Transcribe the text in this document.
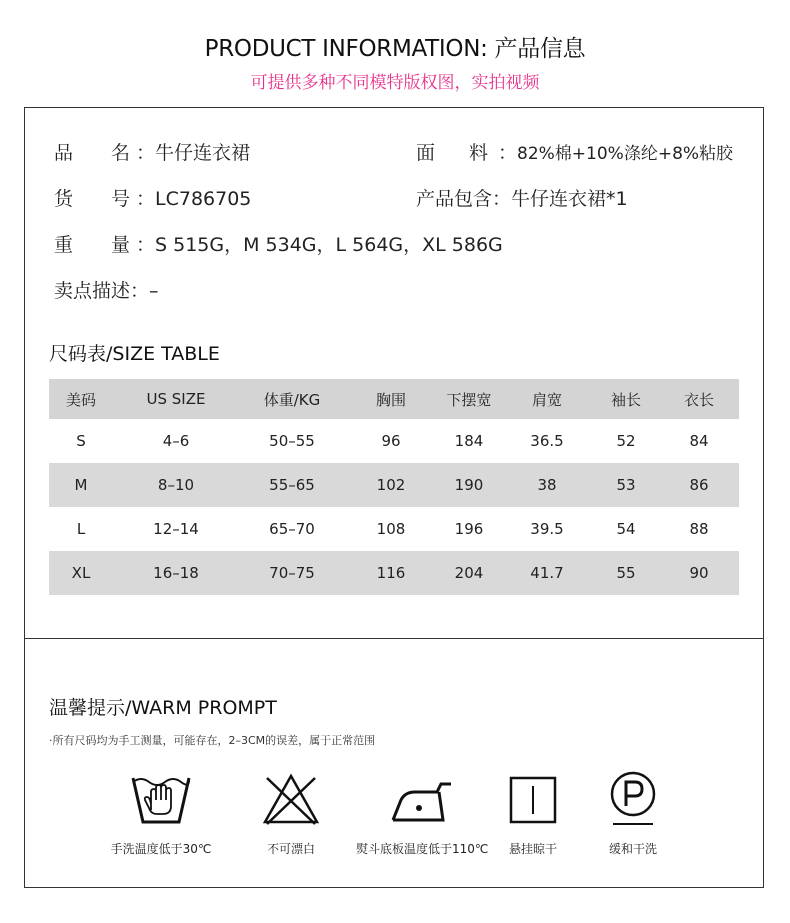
PRODUCT INFORMATION: 产品信息
可提供多种不同模特版权图，实拍视频
品 名 ：牛仔连衣裙	面 料 ：82%棉+10%涤纶+8%粘胶
货 号 ：LC786705	产品包含：牛仔连衣裙*1
重 量 ：S 515G，M 534G，L 564G，XL 586G
卖点描述：–
尺码表/SIZE TABLE
美码	US SIZE	体重/KG	胸围	下摆宽	肩宽	袖长	衣长
S	4–6	50–55	96	184	36.5	52	84
M	8–10	55–65	102	190	38	53	86
L	12–14	65–70	108	196	39.5	54	88
XL	16–18	70–75	116	204	41.7	55	90
温馨提示/WARM PROMPT
·所有尺码均为手工测量，可能存在，2–3CM的误差，属于正常范围
手洗温度低于30℃	不可漂白	熨斗底板温度低于110℃	悬挂晾干	缓和干洗
